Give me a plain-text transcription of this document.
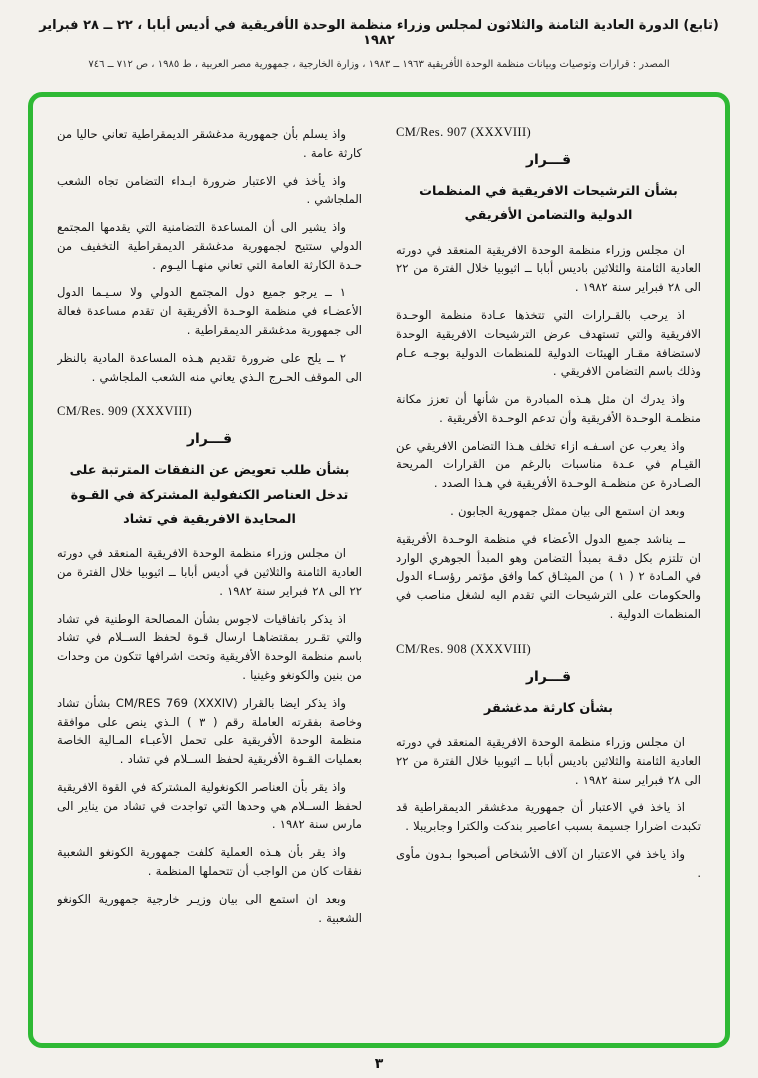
(تابع) الدورة العادية الثامنة والثلاثون لمجلس وزراء منظمة الوحدة الأفريقية في أديس أبابا ، ٢٢ ــ ٢٨ فبراير ١٩٨٢
المصدر : قرارات وتوصيات وبيانات منظمة الوحدة الأفريقية ١٩٦٣ ــ ١٩٨٣ ، وزارة الخارجية ، جمهورية مصر العربية ، ط ١٩٨٥ ، ص ٧١٢ ــ ٧٤٦
CM/Res. 907 (XXXVIII)
قـــرار
بشأن الترشيحات الافريقية في المنظمات الدولية والتضامن الأفريقي

ان مجلس وزراء منظمة الوحدة الافريقية المنعقد في دورته العادية الثامنة والثلاثين باديس أبابا ــ اثيوبيا خلال الفترة من ٢٢ الى ٢٨ فبراير سنة ١٩٨٢ .

اذ يرحب بالقـرارات التي تتخذها عـادة منظمة الوحـدة الافريقية والتي تستهدف عرض الترشيحات الافريقية الوحدة لاستضافة مقـار الهيئات الدولية للمنظمات الدولية بوجـه عـام وذلك باسم التضامن الافريقي .

واذ يدرك ان مثل هـذه المبادرة من شأنها أن تعزز مكانة منظمـة الوحـدة الأفريقية وأن تدعم الوحـدة الأفريقية .

واذ يعرب عن اسـفـه ازاء تخلف هـذا التضامن الافريقي عن القيـام في عـدة مناسبات بالرغم من القرارات المريحة الصـادرة عن منظمـة الوحـدة الأفريقية في هـذا الصدد .

وبعد ان استمع الى بيان ممثل جمهورية الجابون .

ــ يناشد جميع الدول الأعضاء في منظمة الوحـدة الأفريقية ان تلتزم بكل دقـة بمبدأ التضامن وهو المبدأ الجوهري الوارد في المـادة ٢ ( ١ ) من الميثـاق كما وافق مؤتمر رؤسـاء الدول والحكومات على الترشيحات التي تقدم اليه لشغل مناصب في المنظمات الدولية .

CM/Res. 908 (XXXVIII)
قـــرار
بشأن كارثة مدغشقر

ان مجلس وزراء منظمة الوحدة الافريقية المنعقد في دورته العادية الثامنة والثلاثين باديس أبابا ــ اثيوبيا خلال الفترة من ٢٢ الى ٢٨ فبراير سنة ١٩٨٢ .

اذ ياخذ في الاعتبار أن جمهورية مدغشقر الديمقراطية قد تكبدت اضرارا جسيمة بسبب اعاصير بندكت والكترا وجابريبلا .

واذ ياخذ في الاعتبار ان آلاف الأشخاص أصبحوا بـدون مأوى .

واذ يسلم بأن جمهورية مدغشقر الديمقراطية تعاني حاليا من كارثة عامة .

واذ يأخذ في الاعتبار ضرورة ابـداء التضامن تجاه الشعب الملجاشي .

واذ يشير الى أن المساعدة التضامنية التي يقدمها المجتمع الدولي ستتيح لجمهورية مدغشقر الديمقراطية التخفيف من حـدة الكارثة العامة التي تعاني منهـا اليـوم .

١ ــ يرجو جميع دول المجتمع الدولي ولا سـيـما الدول الأعضـاء في منظمة الوحـدة الأفريقية ان تقدم مساعدة فعالة الى جمهورية مدغشقر الديمقراطية .

٢ ــ يلح على ضرورة تقديم هـذه المساعدة المادية بالنظر الى الموقف الحـرج الـذي يعاني منه الشعب الملجاشي .

CM/Res. 909 (XXXVIII)
قـــرار
بشأن طلب تعويض عن النفقات المترتبة على تدخل العناصر الكنفولية المشتركة في القـوة المحايدة الافريقية في تشاد

ان مجلس وزراء منظمة الوحدة الافريقية المنعقد في دورته العادية الثامنة والثلاثين في أديس أبابا ــ اثيوبيا خلال الفترة من ٢٢ الى ٢٨ فبراير سنة ١٩٨٢ .

اذ يذكر باتفاقيات لاجوس بشأن المصالحة الوطنية في تشاد والتي تقـرر بمقتضاهـا ارسال قـوة لحفظ الســلام في تشاد باسم منظمة الوحدة الأفريقية وتحت اشرافها تتكون من وحدات من بنين والكونغو وغينيا .

واذ يذكر ايضا بالقرار CM/RES 769 (XXXIV) بشأن تشاد وخاصة بفقرته العاملة رقم ( ٣ ) الـذي ينص على موافقة منظمة الوحدة الأفريقية على تحمل الأعبـاء المـالية الخاصة بعمليات القـوة الأفريقية لحفظ الســلام في تشاد .

واذ يقر بأن العناصر الكونغولية المشتركة في القوة الافريقية لحفظ الســلام هي وحدها التي تواجدت في تشاد من يناير الى مارس سنة ١٩٨٢ .

واذ يقر بأن هـذه العملية كلفت جمهورية الكونغو الشعبية نفقات كان من الواجب أن تتحملها المنظمة .

وبعد ان استمع الى بيان وزيـر خارجية جمهورية الكونغو الشعبية .

٣
